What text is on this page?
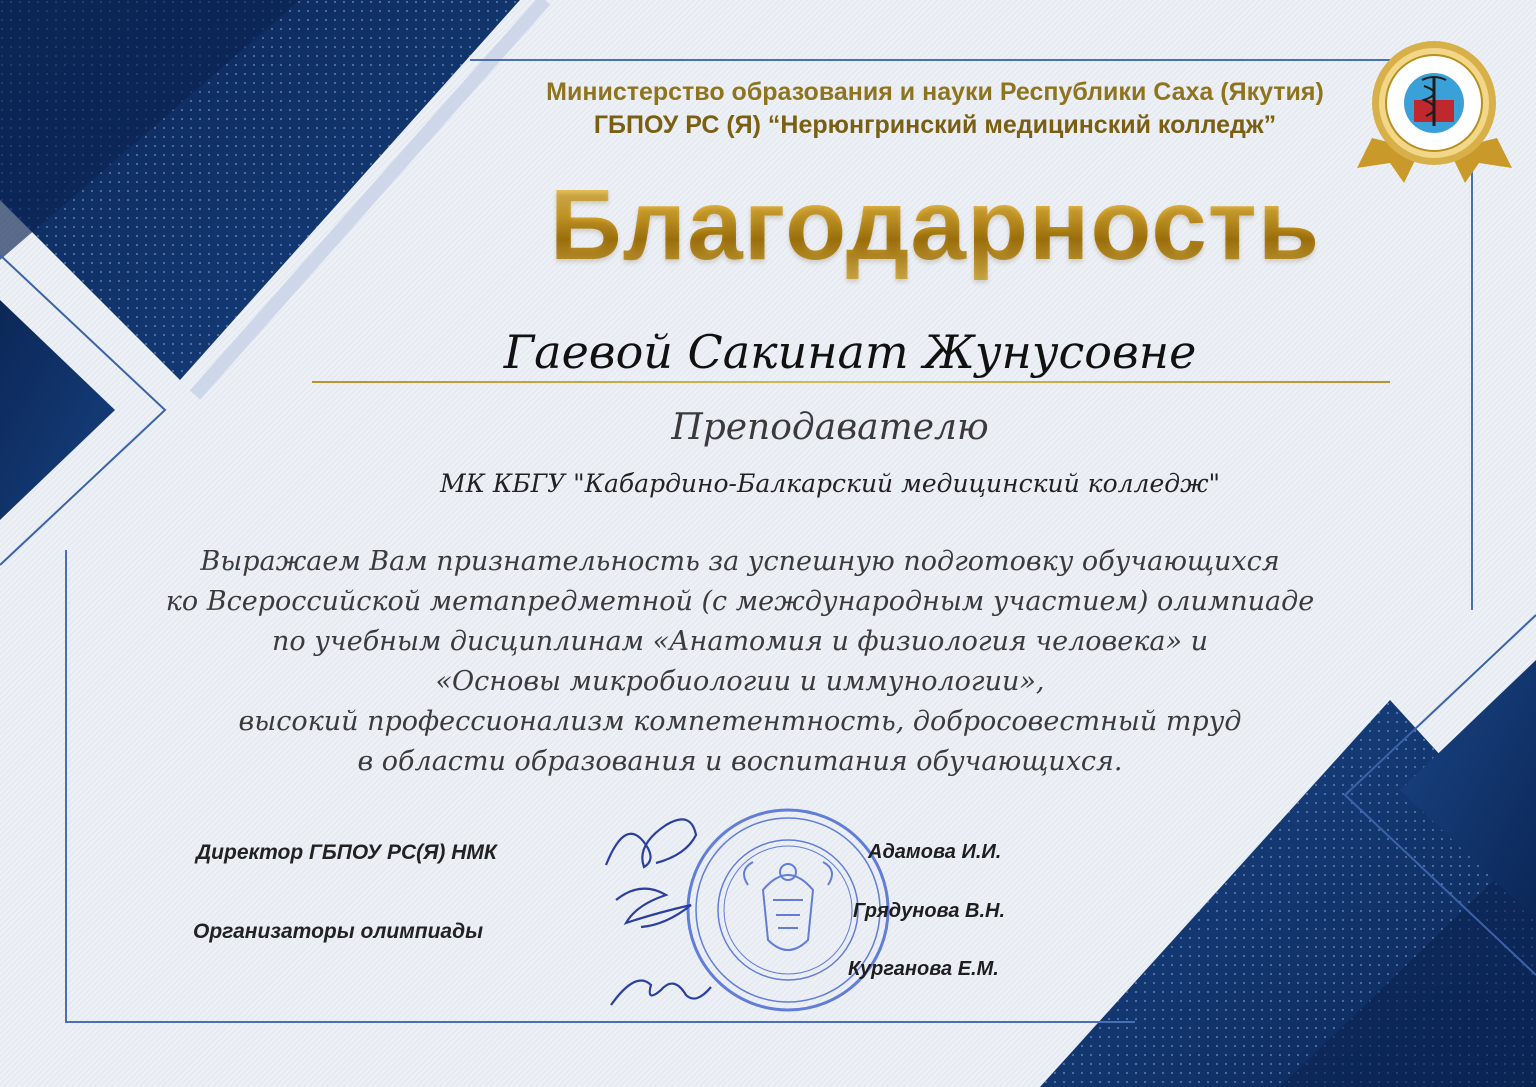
Министерство образования и науки Республики Саха (Якутия)
ГБПОУ РС (Я) “Нерюнгринский медицинский колледж”
Благодарность
Гаевой Сакинат Жунусовне
Преподавателю
МК КБГУ "Кабардино-Балкарский медицинский колледж"
Выражаем Вам признательность за успешную подготовку обучающихся
ко Всероссийской метапредметной (с международным участием) олимпиаде
по учебным дисциплинам «Анатомия и физиология человека» и
«Основы микробиологии и иммунологии»,
высокий профессионализм компетентность, добросовестный труд
в области образования и воспитания обучающихся.
Директор ГБПОУ РС(Я) НМК
Организаторы олимпиады
Адамова И.И.
Грядунова В.Н.
Курганова Е.М.
